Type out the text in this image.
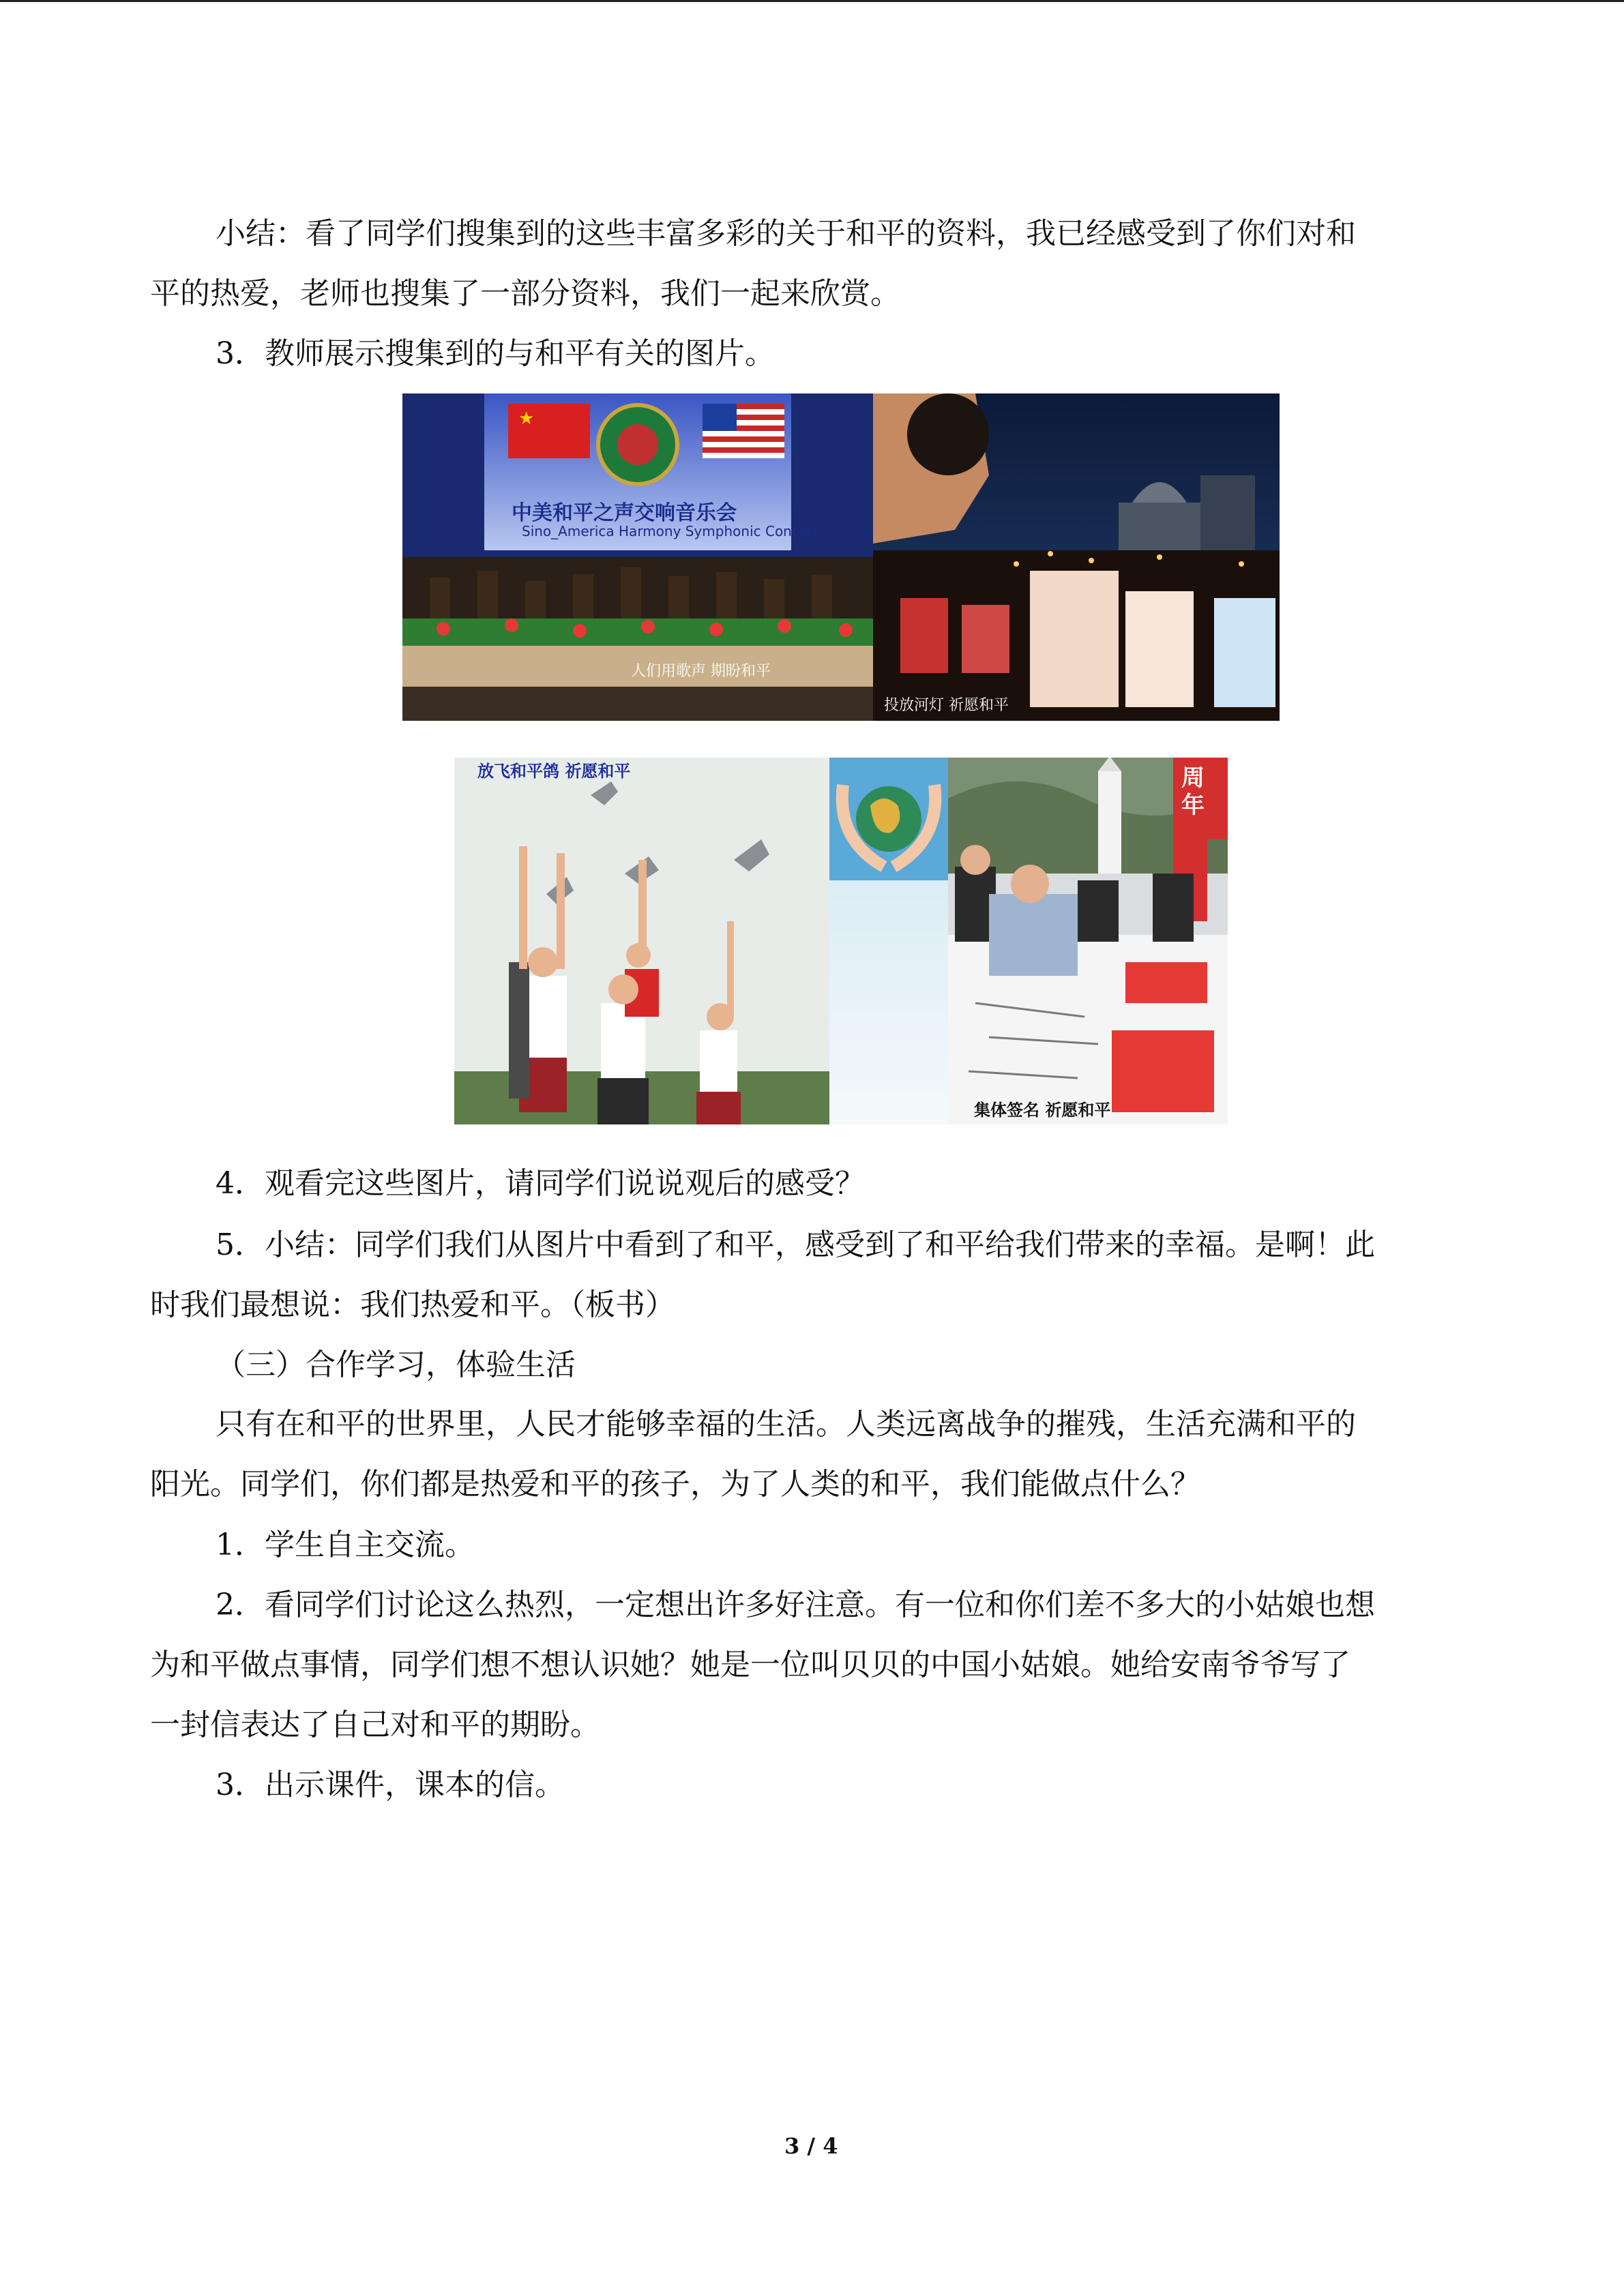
小结：看了同学们搜集到的这些丰富多彩的关于和平的资料，我已经感受到了你们对和
平的热爱，老师也搜集了一部分资料，我们一起来欣赏。
3．教师展示搜集到的与和平有关的图片。
★
中美和平之声交响音乐会
Sino_America Harmony Symphonic Concert
人们用歌声 期盼和平
投放河灯 祈愿和平
放飞和平鸽 祈愿和平	周年
集体签名 祈愿和平
4．观看完这些图片，请同学们说说观后的感受？
5．小结：同学们我们从图片中看到了和平，感受到了和平给我们带来的幸福。是啊！此
时我们最想说：我们热爱和平。（板书）
（三）合作学习，体验生活
只有在和平的世界里，人民才能够幸福的生活。人类远离战争的摧残，生活充满和平的
阳光。同学们，你们都是热爱和平的孩子，为了人类的和平，我们能做点什么？
1．学生自主交流。
2．看同学们讨论这么热烈，一定想出许多好注意。有一位和你们差不多大的小姑娘也想
为和平做点事情，同学们想不想认识她？她是一位叫贝贝的中国小姑娘。她给安南爷爷写了
一封信表达了自己对和平的期盼。
3．出示课件，课本的信。
3 / 4
